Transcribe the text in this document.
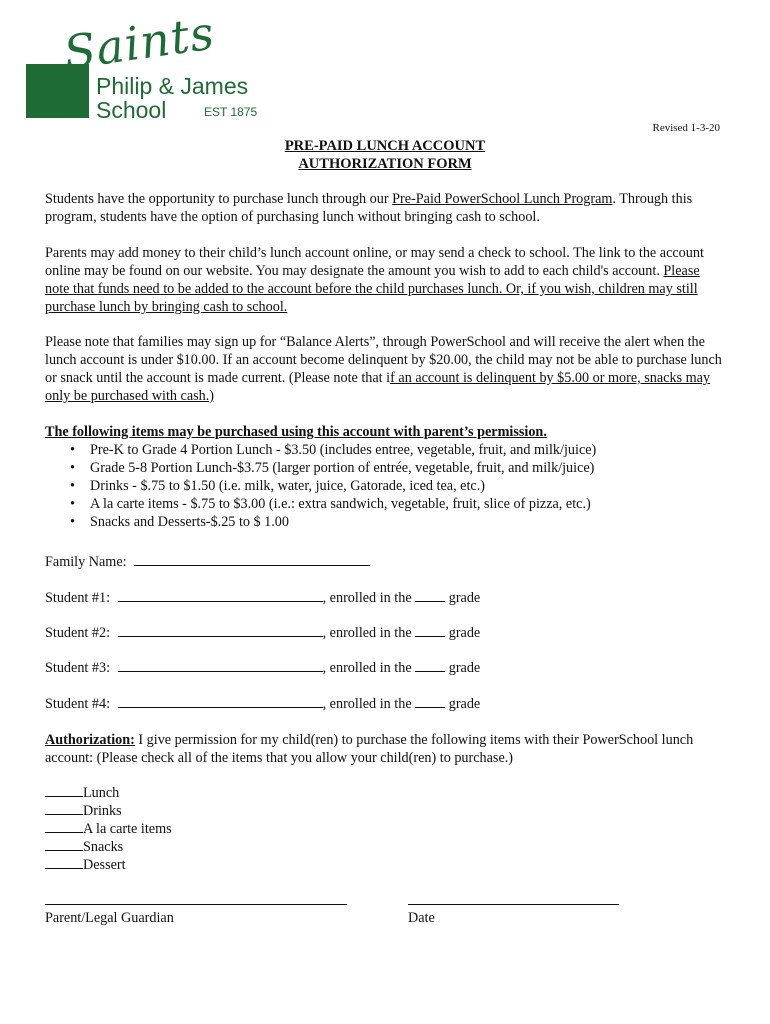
Saints
Philip & James
School	EST 1875
Revised 1-3-20
PRE-PAID LUNCH ACCOUNT
AUTHORIZATION FORM
Students have the opportunity to purchase lunch through our Pre-Paid PowerSchool Lunch Program. Through this program, students have the option of purchasing lunch without bringing cash to school.
Parents may add money to their child’s lunch account online, or may send a check to school. The link to the account online may be found on our website. You may designate the amount you wish to add to each child's account. Please note that funds need to be added to the account before the child purchases lunch. Or, if you wish, children may still purchase lunch by bringing cash to school.
Please note that families may sign up for “Balance Alerts”, through PowerSchool and will receive the alert when the lunch account is under $10.00. If an account become delinquent by $20.00, the child may not be able to purchase lunch or snack until the account is made current. (Please note that if an account is delinquent by $5.00 or more, snacks may only be purchased with cash.)
The following items may be purchased using this account with parent’s permission.
• Pre-K to Grade 4 Portion Lunch - $3.50 (includes entree, vegetable, fruit, and milk/juice)
• Grade 5-8 Portion Lunch-$3.75 (larger portion of entrée, vegetable, fruit, and milk/juice)
• Drinks - $.75 to $1.50 (i.e. milk, water, juice, Gatorade, iced tea, etc.)
• A la carte items - $.75 to $3.00 (i.e.: extra sandwich, vegetable, fruit, slice of pizza, etc.)
• Snacks and Desserts-$.25 to $ 1.00
Family Name:
Student #1:	, enrolled in the	grade
Student #2:	, enrolled in the	grade
Student #3:	, enrolled in the	grade
Student #4:	, enrolled in the	grade
Authorization: I give permission for my child(ren) to purchase the following items with their PowerSchool lunch account: (Please check all of the items that you allow your child(ren) to purchase.)
Lunch
Drinks
A la carte items
Snacks
Dessert
Parent/Legal Guardian	Date
